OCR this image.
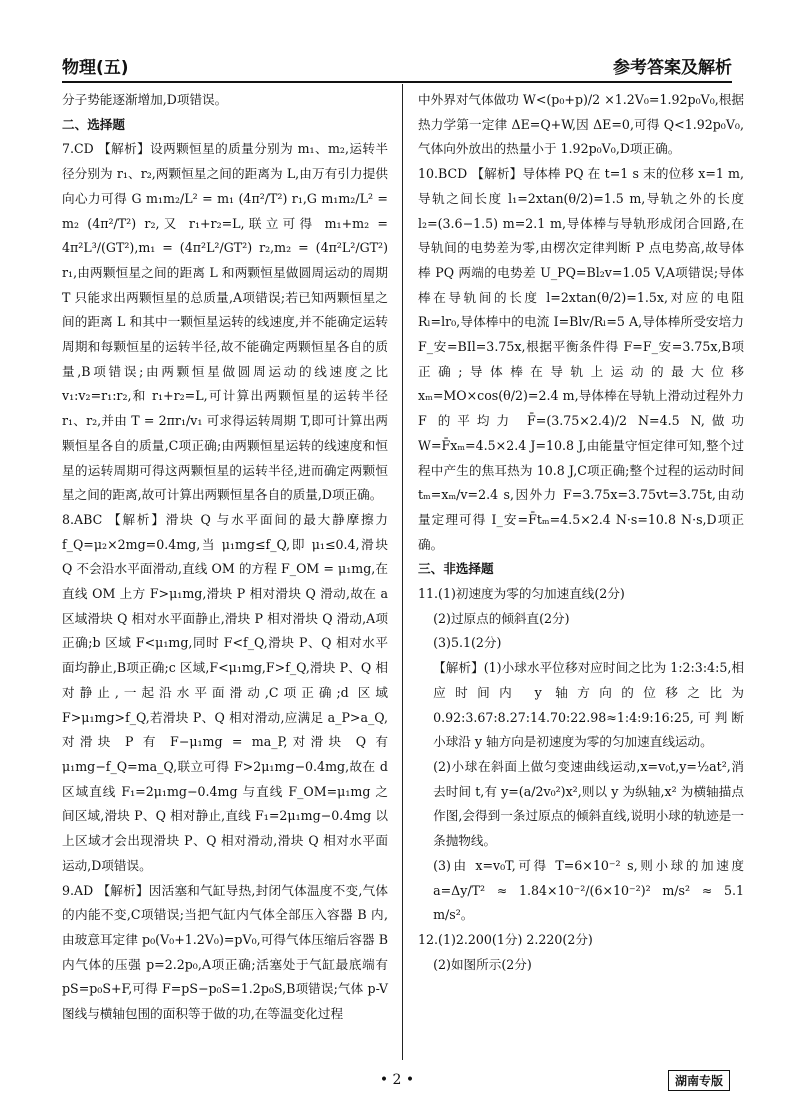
物理(五)	参考答案及解析

分子势能逐渐增加,D项错误。

二、选择题

7.CD 【解析】设两颗恒星的质量分别为 m₁、m₂,运转半径分别为 r₁、r₂,两颗恒星之间的距离为 L,由万有引力提供向心力可得 G m₁m₂/L² = m₁ (4π²/T²) r₁,G m₁m₂/L² = m₂ (4π²/T²) r₂,又 r₁+r₂=L,联立可得 m₁+m₂ = 4π²L³/(GT²),m₁ = (4π²L²/GT²) r₂,m₂ = (4π²L²/GT²) r₁,由两颗恒星之间的距离 L 和两颗恒星做圆周运动的周期 T 只能求出两颗恒星的总质量,A项错误;若已知两颗恒星之间的距离 L 和其中一颗恒星运转的线速度,并不能确定运转周期和每颗恒星的运转半径,故不能确定两颗恒星各自的质量,B项错误;由两颗恒星做圆周运动的线速度之比 v₁:v₂=r₁:r₂,和 r₁+r₂=L,可计算出两颗恒星的运转半径 r₁、r₂,并由 T = 2πr₁/v₁ 可求得运转周期 T,即可计算出两颗恒星各自的质量,C项正确;由两颗恒星运转的线速度和恒星的运转周期可得这两颗恒星的运转半径,进而确定两颗恒星之间的距离,故可计算出两颗恒星各自的质量,D项正确。

8.ABC 【解析】滑块 Q 与水平面间的最大静摩擦力 f_Q=μ₂×2mg=0.4mg,当 μ₁mg≤f_Q,即 μ₁≤0.4,滑块 Q 不会沿水平面滑动,直线 OM 的方程 F_OM = μ₁mg,在直线 OM 上方 F>μ₁mg,滑块 P 相对滑块 Q 滑动,故在 a 区域滑块 Q 相对水平面静止,滑块 P 相对滑块 Q 滑动,A项正确;b 区域 F<μ₁mg,同时 F<f_Q,滑块 P、Q 相对水平面均静止,B项正确;c 区域,F<μ₁mg,F>f_Q,滑块 P、Q 相对静止,一起沿水平面滑动,C项正确;d 区域 F>μ₁mg>f_Q,若滑块 P、Q 相对滑动,应满足 a_P>a_Q,对滑块 P 有 F−μ₁mg = ma_P,对滑块 Q 有 μ₁mg−f_Q=ma_Q,联立可得 F>2μ₁mg−0.4mg,故在 d 区域直线 F₁=2μ₁mg−0.4mg 与直线 F_OM=μ₁mg 之间区域,滑块 P、Q 相对静止,直线 F₁=2μ₁mg−0.4mg 以上区域才会出现滑块 P、Q 相对滑动,滑块 Q 相对水平面运动,D项错误。

9.AD 【解析】因活塞和气缸导热,封闭气体温度不变,气体的内能不变,C项错误;当把气缸内气体全部压入容器 B 内,由玻意耳定律 p₀(V₀+1.2V₀)=pV₀,可得气体压缩后容器 B 内气体的压强 p=2.2p₀,A项正确;活塞处于气缸最底端有 pS=p₀S+F,可得 F=pS−p₀S=1.2p₀S,B项错误;气体 p-V 图线与横轴包围的面积等于做的功,在等温变化过程

中外界对气体做功 W<(p₀+p)/2 ×1.2V₀=1.92p₀V₀,根据热力学第一定律 ΔE=Q+W,因 ΔE=0,可得 Q<1.92p₀V₀,气体向外放出的热量小于 1.92p₀V₀,D项正确。

10.BCD 【解析】导体棒 PQ 在 t=1 s 末的位移 x=1 m,导轨之间长度 l₁=2xtan(θ/2)=1.5 m,导轨之外的长度 l₂=(3.6−1.5) m=2.1 m,导体棒与导轨形成闭合回路,在导轨间的电势差为零,由楞次定律判断 P 点电势高,故导体棒 PQ 两端的电势差 U_PQ=Bl₂v=1.05 V,A项错误;导体棒在导轨间的长度 l=2xtan(θ/2)=1.5x,对应的电阻 Rₗ=lr₀,导体棒中的电流 I=Blv/Rₗ=5 A,导体棒所受安培力 F_安=BIl=3.75x,根据平衡条件得 F=F_安=3.75x,B项正确;导体棒在导轨上运动的最大位移 xₘ=MO×cos(θ/2)=2.4 m,导体棒在导轨上滑动过程外力 F 的平均力 F̄=(3.75×2.4)/2 N=4.5 N,做功 W=F̄xₘ=4.5×2.4 J=10.8 J,由能量守恒定律可知,整个过程中产生的焦耳热为 10.8 J,C项正确;整个过程的运动时间 tₘ=xₘ/v=2.4 s,因外力 F=3.75x=3.75vt=3.75t,由动量定理可得 I_安=F̄tₘ=4.5×2.4 N·s=10.8 N·s,D项正确。

三、非选择题

11.(1)初速度为零的匀加速直线(2分)

(2)过原点的倾斜直(2分)

(3)5.1(2分)

【解析】(1)小球水平位移对应时间之比为 1:2:3:4:5,相应时间内 y 轴方向的位移之比为 0.92:3.67:8.27:14.70:22.98≈1:4:9:16:25,可判断小球沿 y 轴方向是初速度为零的匀加速直线运动。

(2)小球在斜面上做匀变速曲线运动,x=v₀t,y=½at²,消去时间 t,有 y=(a/2v₀²)x²,则以 y 为纵轴,x² 为横轴描点作图,会得到一条过原点的倾斜直线,说明小球的轨迹是一条抛物线。

(3)由 x=v₀T,可得 T=6×10⁻² s,则小球的加速度 a=Δy/T² ≈ 1.84×10⁻²/(6×10⁻²)² m/s² ≈ 5.1 m/s²。

12.(1)2.200(1分) 2.220(2分)

(2)如图所示(2分)

• 2 •	湖南专版
